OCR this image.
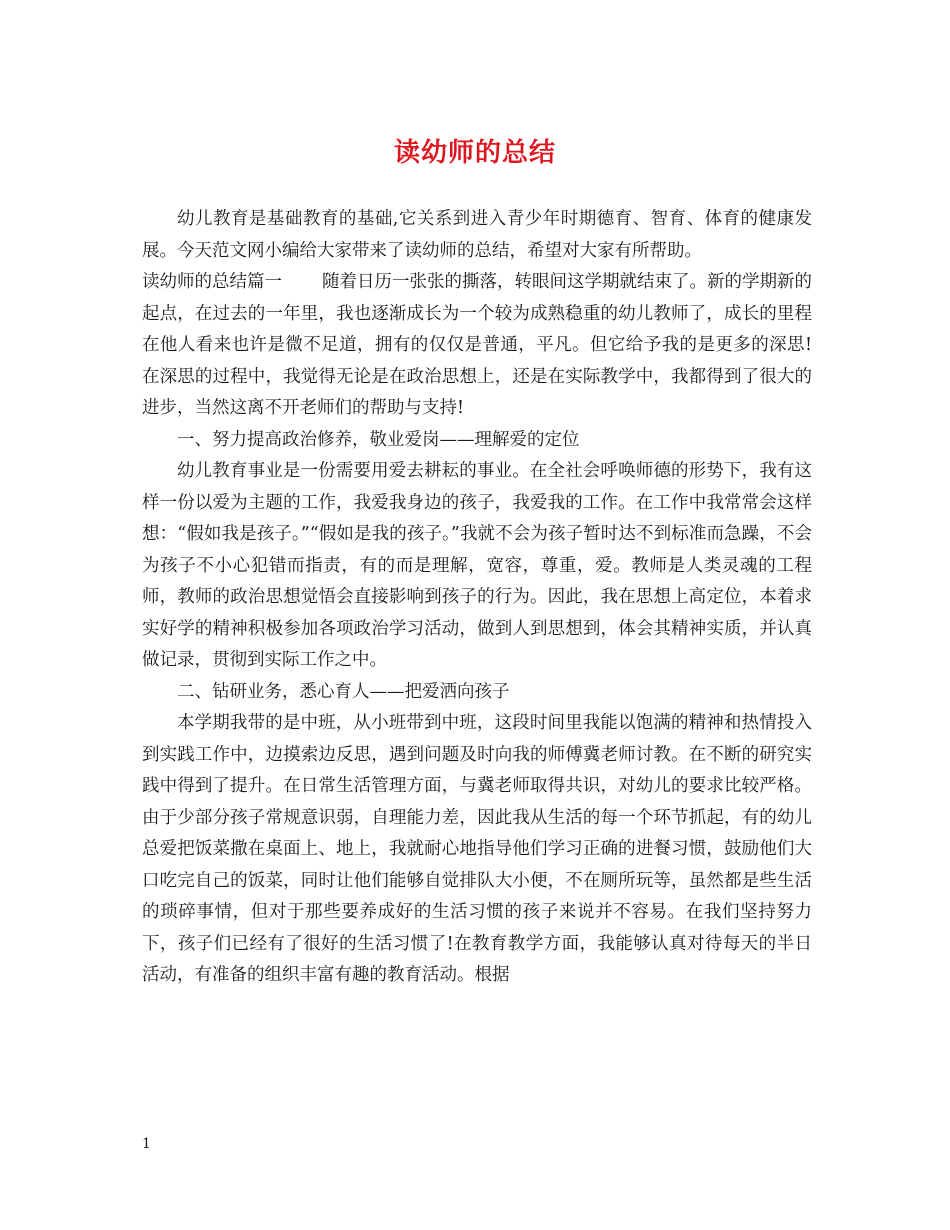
读幼师的总结

幼儿教育是基础教育的基础,它关系到进入青少年时期德育、智育、体育的健康发展。今天范文网小编给大家带来了读幼师的总结，希望对大家有所帮助。

读幼师的总结篇一 随着日历一张张的撕落，转眼间这学期就结束了。新的学期新的起点，在过去的一年里，我也逐渐成长为一个较为成熟稳重的幼儿教师了，成长的里程在他人看来也许是微不足道，拥有的仅仅是普通，平凡。但它给予我的是更多的深思!在深思的过程中，我觉得无论是在政治思想上，还是在实际教学中，我都得到了很大的进步，当然这离不开老师们的帮助与支持!

一、努力提高政治修养，敬业爱岗——理解爱的定位

幼儿教育事业是一份需要用爱去耕耘的事业。在全社会呼唤师德的形势下，我有这样一份以爱为主题的工作，我爱我身边的孩子，我爱我的工作。在工作中我常常会这样想：“假如我是孩子。”“假如是我的孩子。”我就不会为孩子暂时达不到标准而急躁，不会为孩子不小心犯错而指责，有的而是理解，宽容，尊重，爱。教师是人类灵魂的工程师，教师的政治思想觉悟会直接影响到孩子的行为。因此，我在思想上高定位，本着求实好学的精神积极参加各项政治学习活动，做到人到思想到，体会其精神实质，并认真做记录，贯彻到实际工作之中。

二、钻研业务，悉心育人——把爱洒向孩子

本学期我带的是中班，从小班带到中班，这段时间里我能以饱满的精神和热情投入到实践工作中，边摸索边反思，遇到问题及时向我的师傅冀老师讨教。在不断的研究实践中得到了提升。在日常生活管理方面，与冀老师取得共识，对幼儿的要求比较严格。由于少部分孩子常规意识弱，自理能力差，因此我从生活的每一个环节抓起，有的幼儿总爱把饭菜撒在桌面上、地上，我就耐心地指导他们学习正确的进餐习惯，鼓励他们大口吃完自己的饭菜，同时让他们能够自觉排队大小便，不在厕所玩等，虽然都是些生活的琐碎事情，但对于那些要养成好的生活习惯的孩子来说并不容易。在我们坚持努力下，孩子们已经有了很好的生活习惯了!在教育教学方面，我能够认真对待每天的半日活动，有准备的组织丰富有趣的教育活动。根据

1
